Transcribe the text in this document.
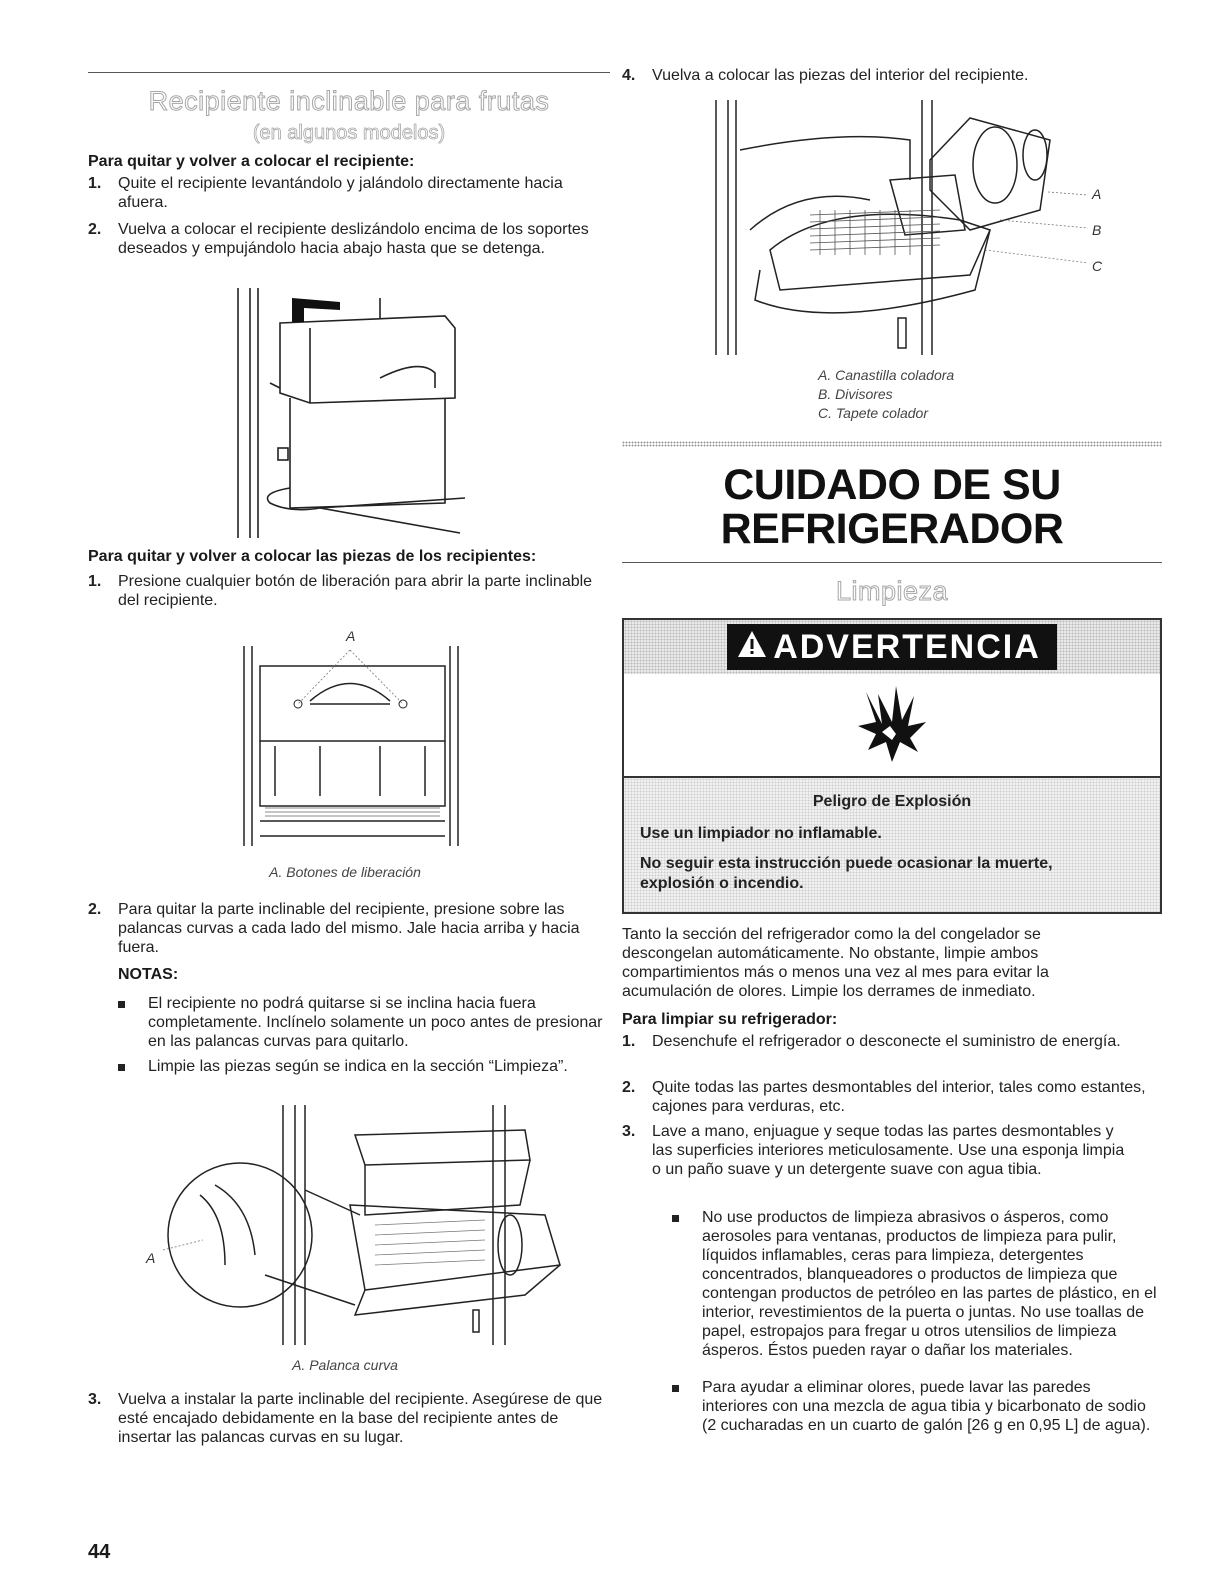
Recipiente inclinable para frutas
(en algunos modelos)
Para quitar y volver a colocar el recipiente:
1.	Quite el recipiente levantándolo y jalándolo directamente hacia afuera.
2.	Vuelva a colocar el recipiente deslizándolo encima de los soportes deseados y empujándolo hacia abajo hasta que se detenga.
Para quitar y volver a colocar las piezas de los recipientes:
1.	Presione cualquier botón de liberación para abrir la parte inclinable del recipiente.
A
A. Botones de liberación
2.	Para quitar la parte inclinable del recipiente, presione sobre las palancas curvas a cada lado del mismo. Jale hacia arriba y hacia fuera.
NOTAS:
El recipiente no podrá quitarse si se inclina hacia fuera completamente. Inclínelo solamente un poco antes de presionar en las palancas curvas para quitarlo.
Limpie las piezas según se indica en la sección “Limpieza”.
A
A. Palanca curva
3.	Vuelva a instalar la parte inclinable del recipiente. Asegúrese de que esté encajado debidamente en la base del recipiente antes de insertar las palancas curvas en su lugar.
44
4.	Vuelva a colocar las piezas del interior del recipiente.
A
B
C
A. Canastilla coladora
B. Divisores
C. Tapete colador
CUIDADO DE SU
REFRIGERADOR
Limpieza
ADVERTENCIA
Peligro de Explosión
Use un limpiador no inflamable.
No seguir esta instrucción puede ocasionar la muerte,
explosión o incendio.
Tanto la sección del refrigerador como la del congelador se descongelan automáticamente. No obstante, limpie ambos compartimientos más o menos una vez al mes para evitar la acumulación de olores. Limpie los derrames de inmediato.
Para limpiar su refrigerador:
1.	Desenchufe el refrigerador o desconecte el suministro de energía.
2.	Quite todas las partes desmontables del interior, tales como estantes, cajones para verduras, etc.
3.	Lave a mano, enjuague y seque todas las partes desmontables y las superficies interiores meticulosamente. Use una esponja limpia o un paño suave y un detergente suave con agua tibia.
No use productos de limpieza abrasivos o ásperos, como aerosoles para ventanas, productos de limpieza para pulir, líquidos inflamables, ceras para limpieza, detergentes concentrados, blanqueadores o productos de limpieza que contengan productos de petróleo en las partes de plástico, en el interior, revestimientos de la puerta o juntas. No use toallas de papel, estropajos para fregar u otros utensilios de limpieza ásperos. Éstos pueden rayar o dañar los materiales.
Para ayudar a eliminar olores, puede lavar las paredes interiores con una mezcla de agua tibia y bicarbonato de sodio (2 cucharadas en un cuarto de galón [26 g en 0,95 L] de agua).
